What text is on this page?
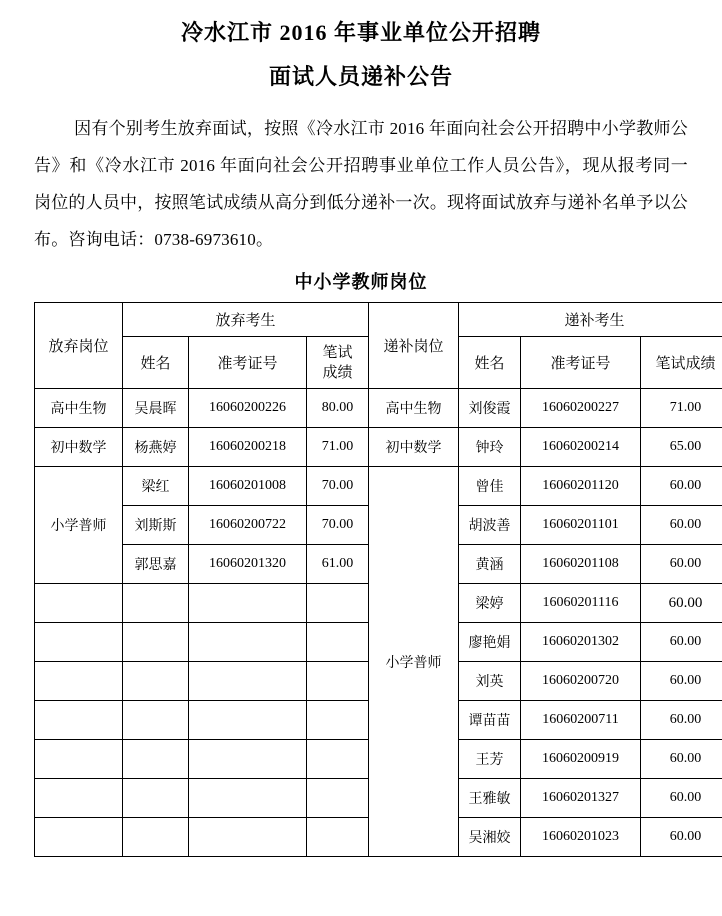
冷水江市 2016 年事业单位公开招聘
面试人员递补公告
因有个别考生放弃面试，按照《冷水江市 2016 年面向社会公开招聘中小学教师公告》和《冷水江市 2016 年面向社会公开招聘事业单位工作人员公告》，现从报考同一岗位的人员中，按照笔试成绩从高分到低分递补一次。现将面试放弃与递补名单予以公布。咨询电话：0738-6973610。
中小学教师岗位
放弃岗位	放弃考生			递补岗位	递补考生		
	姓名	准考证号	笔试
成绩		姓名	准考证号	笔试成绩
高中生物	吴晨晖	16060200226	80.00	高中生物	刘俊霞	16060200227	71.00
初中数学	杨燕婷	16060200218	71.00	初中数学	钟玲	16060200214	65.00
小学普师	梁红	16060201008	70.00	小学普师	曾佳	16060201120	60.00
	刘斯斯	16060200722	70.00		胡波善	16060201101	60.00
	郭思嘉	16060201320	61.00		黄涵	16060201108	60.00
					梁婷	16060201116	60.00
					廖艳娟	16060201302	60.00
					刘英	16060200720	60.00
					谭苗苗	16060200711	60.00
					王芳	16060200919	60.00
					王雅敏	16060201327	60.00
					吴湘姣	16060201023	60.00
